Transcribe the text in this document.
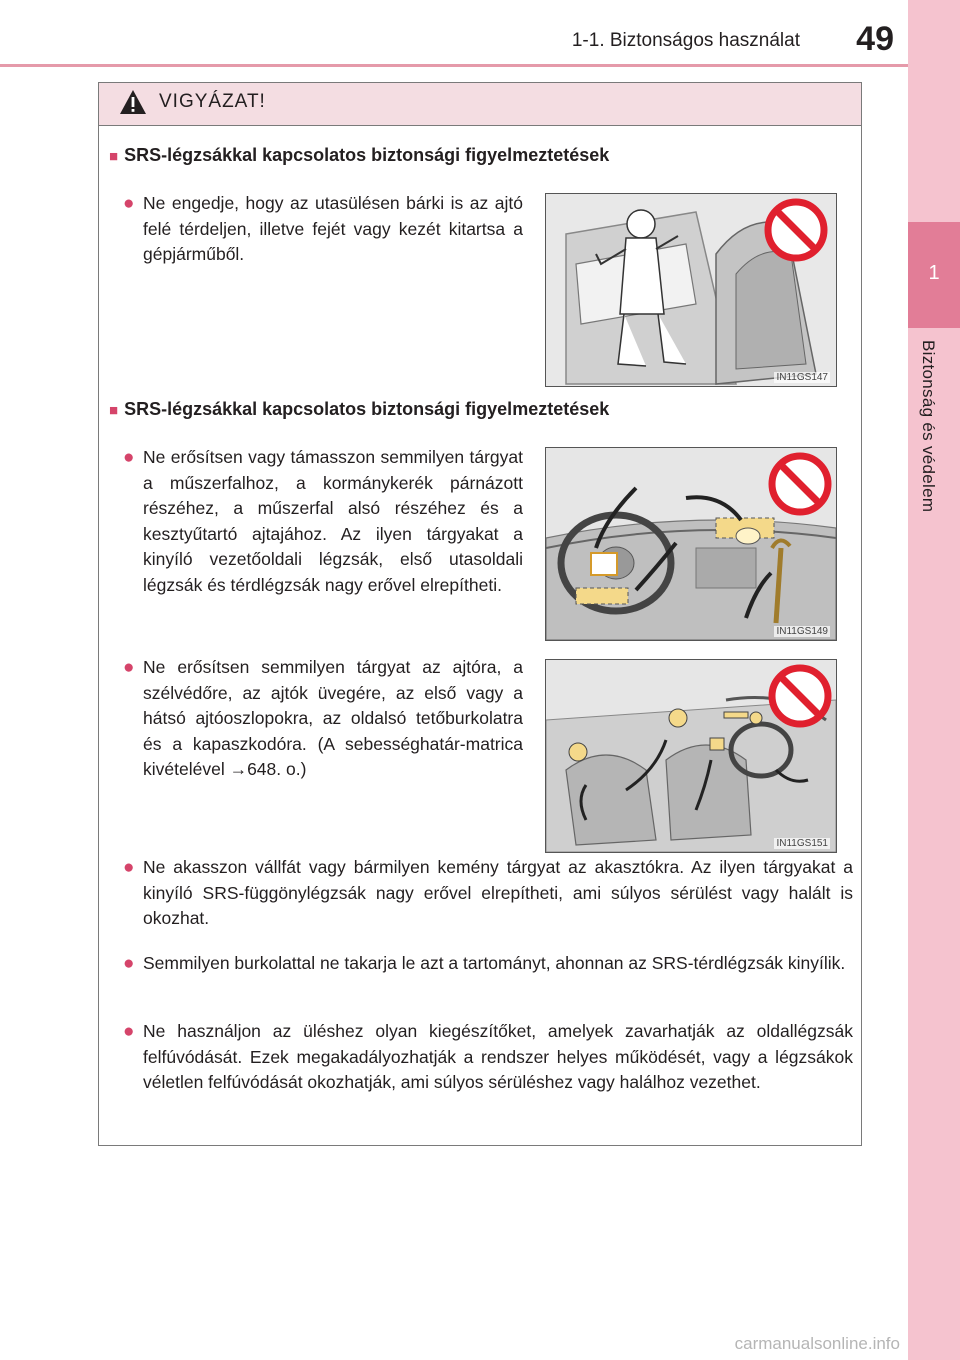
1-1. Biztonságos használat	49
1
Biztonság és védelem
VIGYÁZAT!
■ SRS-légzsákkal kapcsolatos biztonsági figyelmeztetések
● Ne engedje, hogy az utasülésen bárki is az ajtó felé térdeljen, illetve fejét vagy kezét kitartsa a gépjárműből.
IN11GS147
■ SRS-légzsákkal kapcsolatos biztonsági figyelmeztetések
● Ne erősítsen vagy támasszon semmilyen tárgyat a műszerfalhoz, a kormánykerék párnázott részéhez, a műszerfal alsó részéhez és a kesztyűtartó ajtajához. Az ilyen tárgyakat a kinyíló vezetőoldali légzsák, első utasoldali légzsák és térdlégzsák nagy erővel elrepítheti.
IN11GS149
● Ne erősítsen semmilyen tárgyat az ajtóra, a szélvédőre, az ajtók üvegére, az első vagy a hátsó ajtóoszlopokra, az oldalsó tetőburkolatra és a kapaszkodóra. (A sebességhatár-matrica kivételével →648. o.)
IN11GS151
● Ne akasszon vállfát vagy bármilyen kemény tárgyat az akasztókra. Az ilyen tárgyakat a kinyíló SRS-függönylégzsák nagy erővel elrepítheti, ami súlyos sérülést vagy halált is okozhat.
● Semmilyen burkolattal ne takarja le azt a tartományt, ahonnan az SRS-térdlégzsák kinyílik.
● Ne használjon az üléshez olyan kiegészítőket, amelyek zavarhatják az oldallégzsák felfúvódását. Ezek megakadályozhatják a rendszer helyes működését, vagy a légzsákok véletlen felfúvódását okozhatják, ami súlyos sérüléshez vagy halálhoz vezethet.
carmanualsonline.info
